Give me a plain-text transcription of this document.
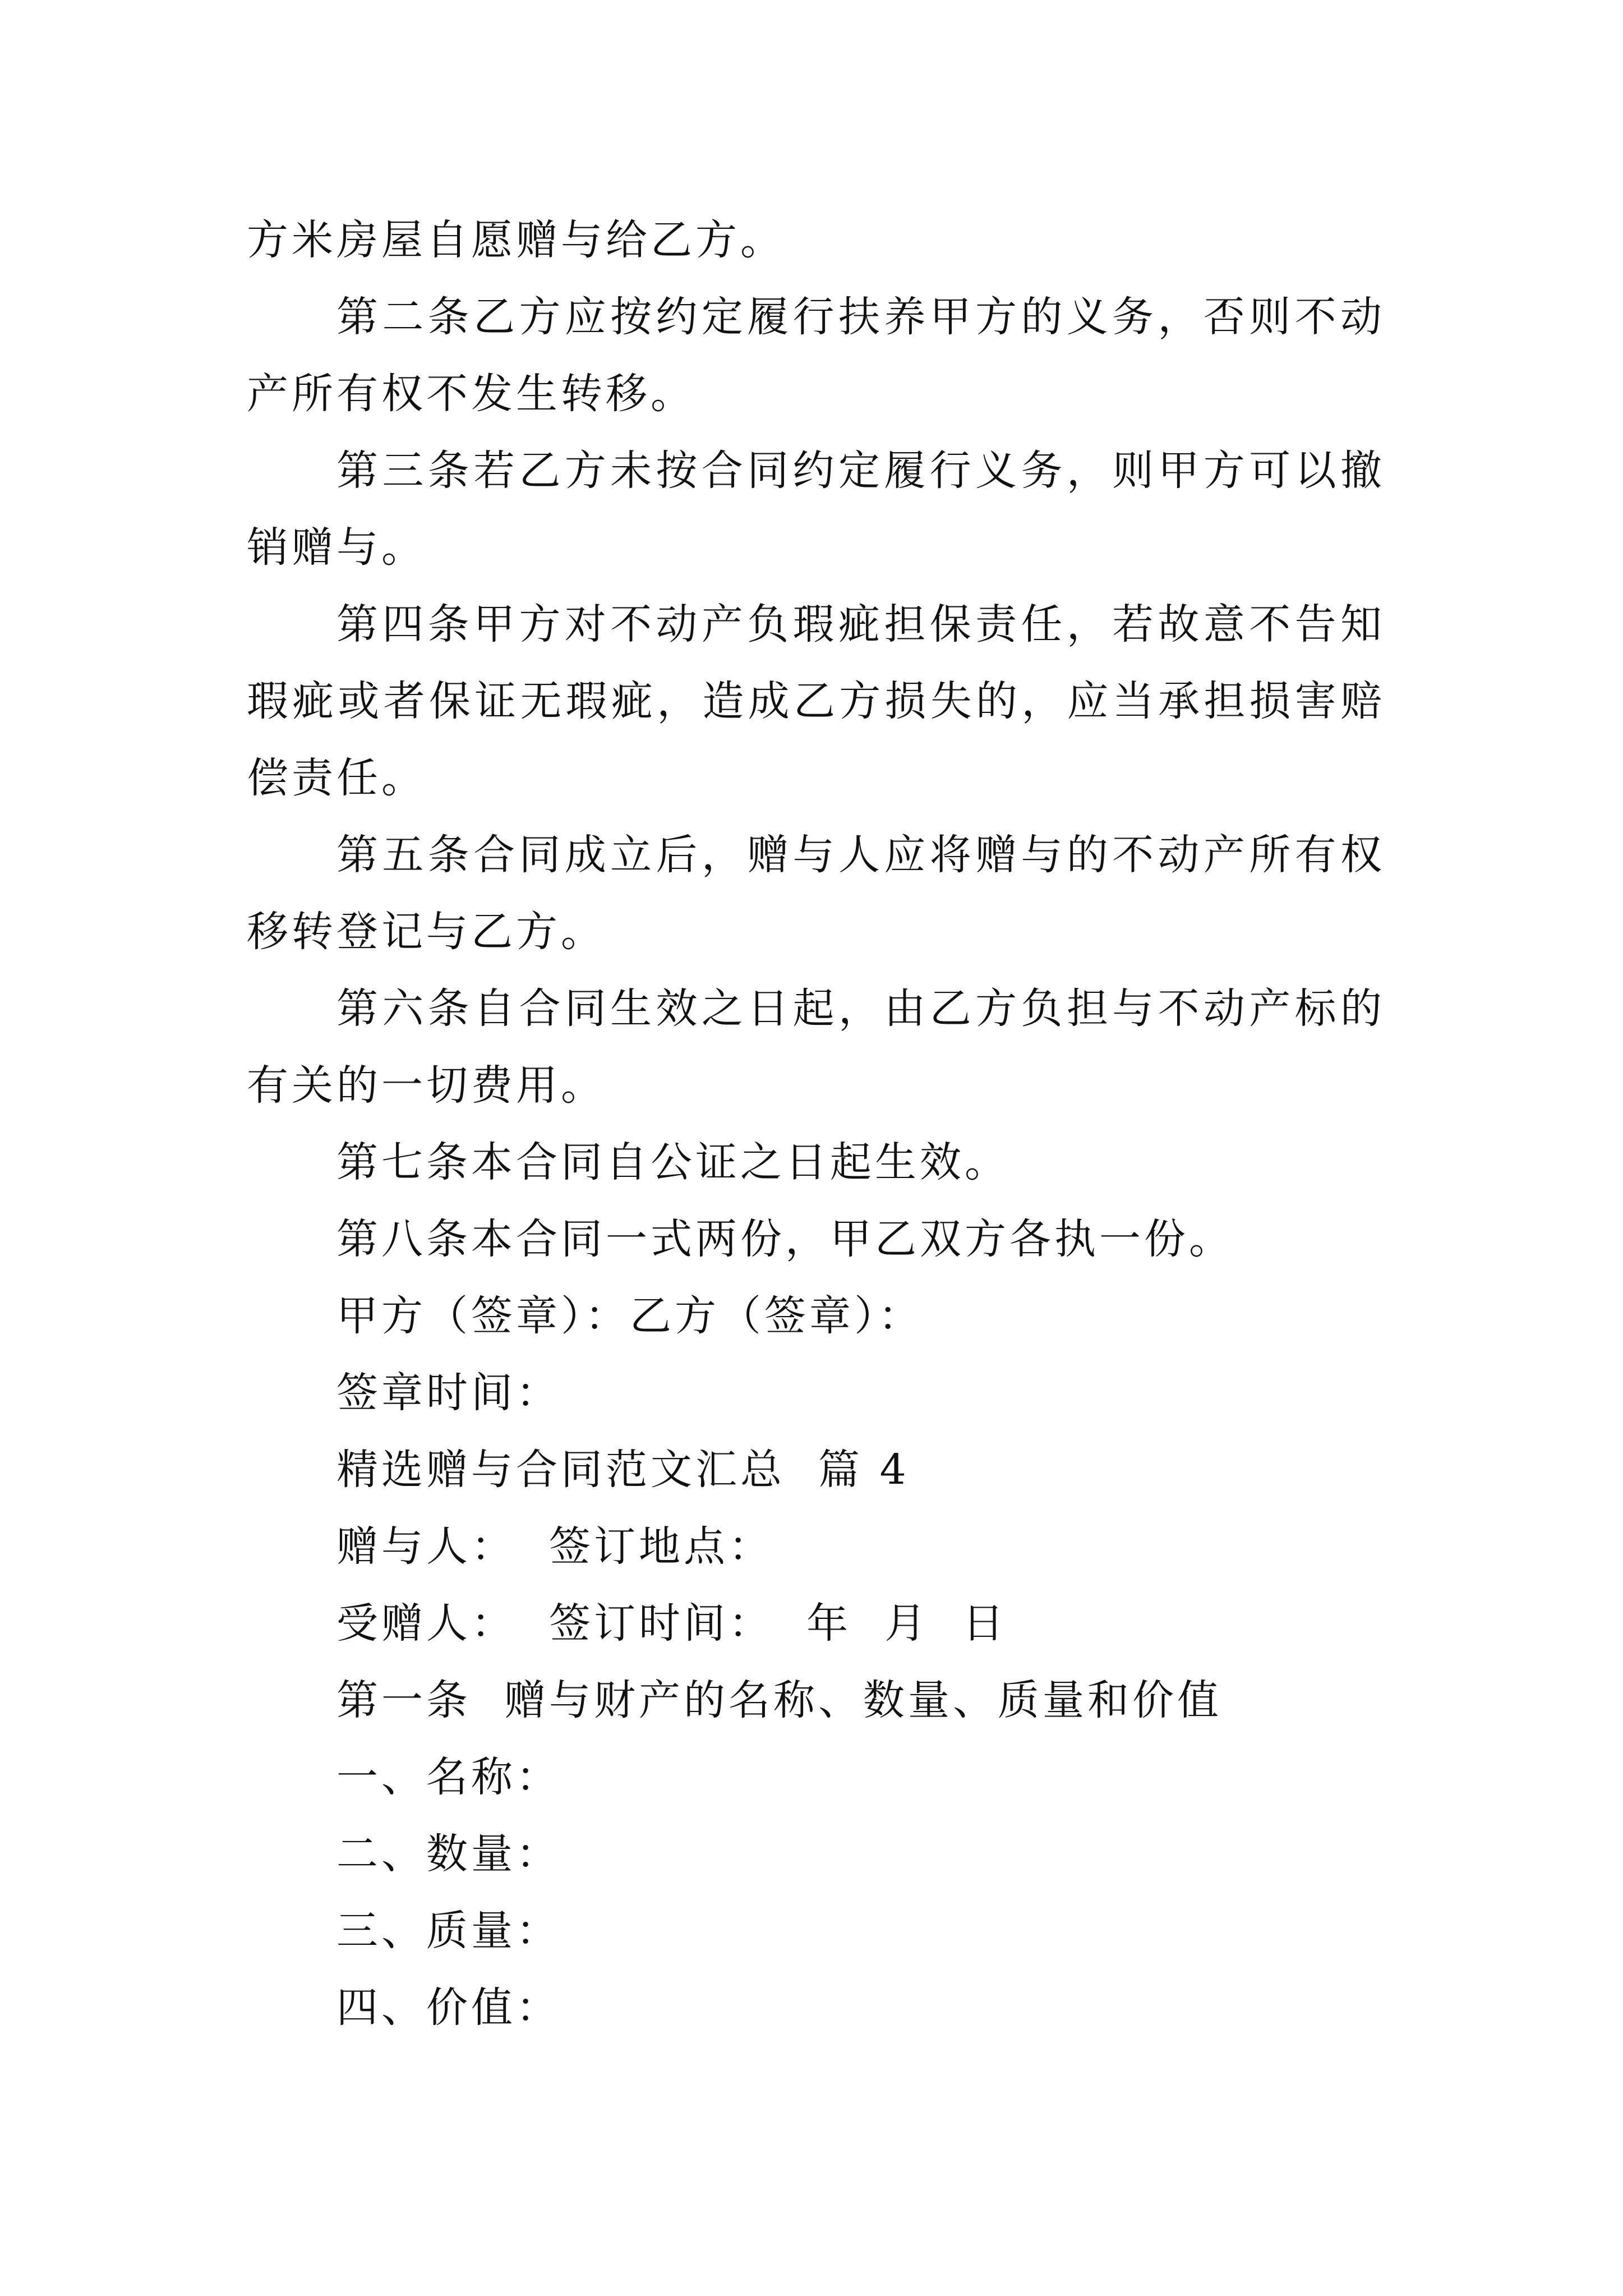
方米房屋自愿赠与给乙方。

第二条乙方应按约定履行扶养甲方的义务，否则不动产所有权不发生转移。

第三条若乙方未按合同约定履行义务，则甲方可以撤销赠与。

第四条甲方对不动产负瑕疵担保责任，若故意不告知瑕疵或者保证无瑕疵，造成乙方损失的，应当承担损害赔偿责任。

第五条合同成立后，赠与人应将赠与的不动产所有权移转登记与乙方。

第六条自合同生效之日起，由乙方负担与不动产标的有关的一切费用。

第七条本合同自公证之日起生效。

第八条本合同一式两份，甲乙双方各执一份。

甲方（签章）：乙方（签章）：

签章时间：

精选赠与合同范文汇总  篇 4

赠与人：  签订地点：

受赠人：  签订时间：  年  月  日

第一条  赠与财产的名称、数量、质量和价值

一、名称：

二、数量：

三、质量：

四、价值：
